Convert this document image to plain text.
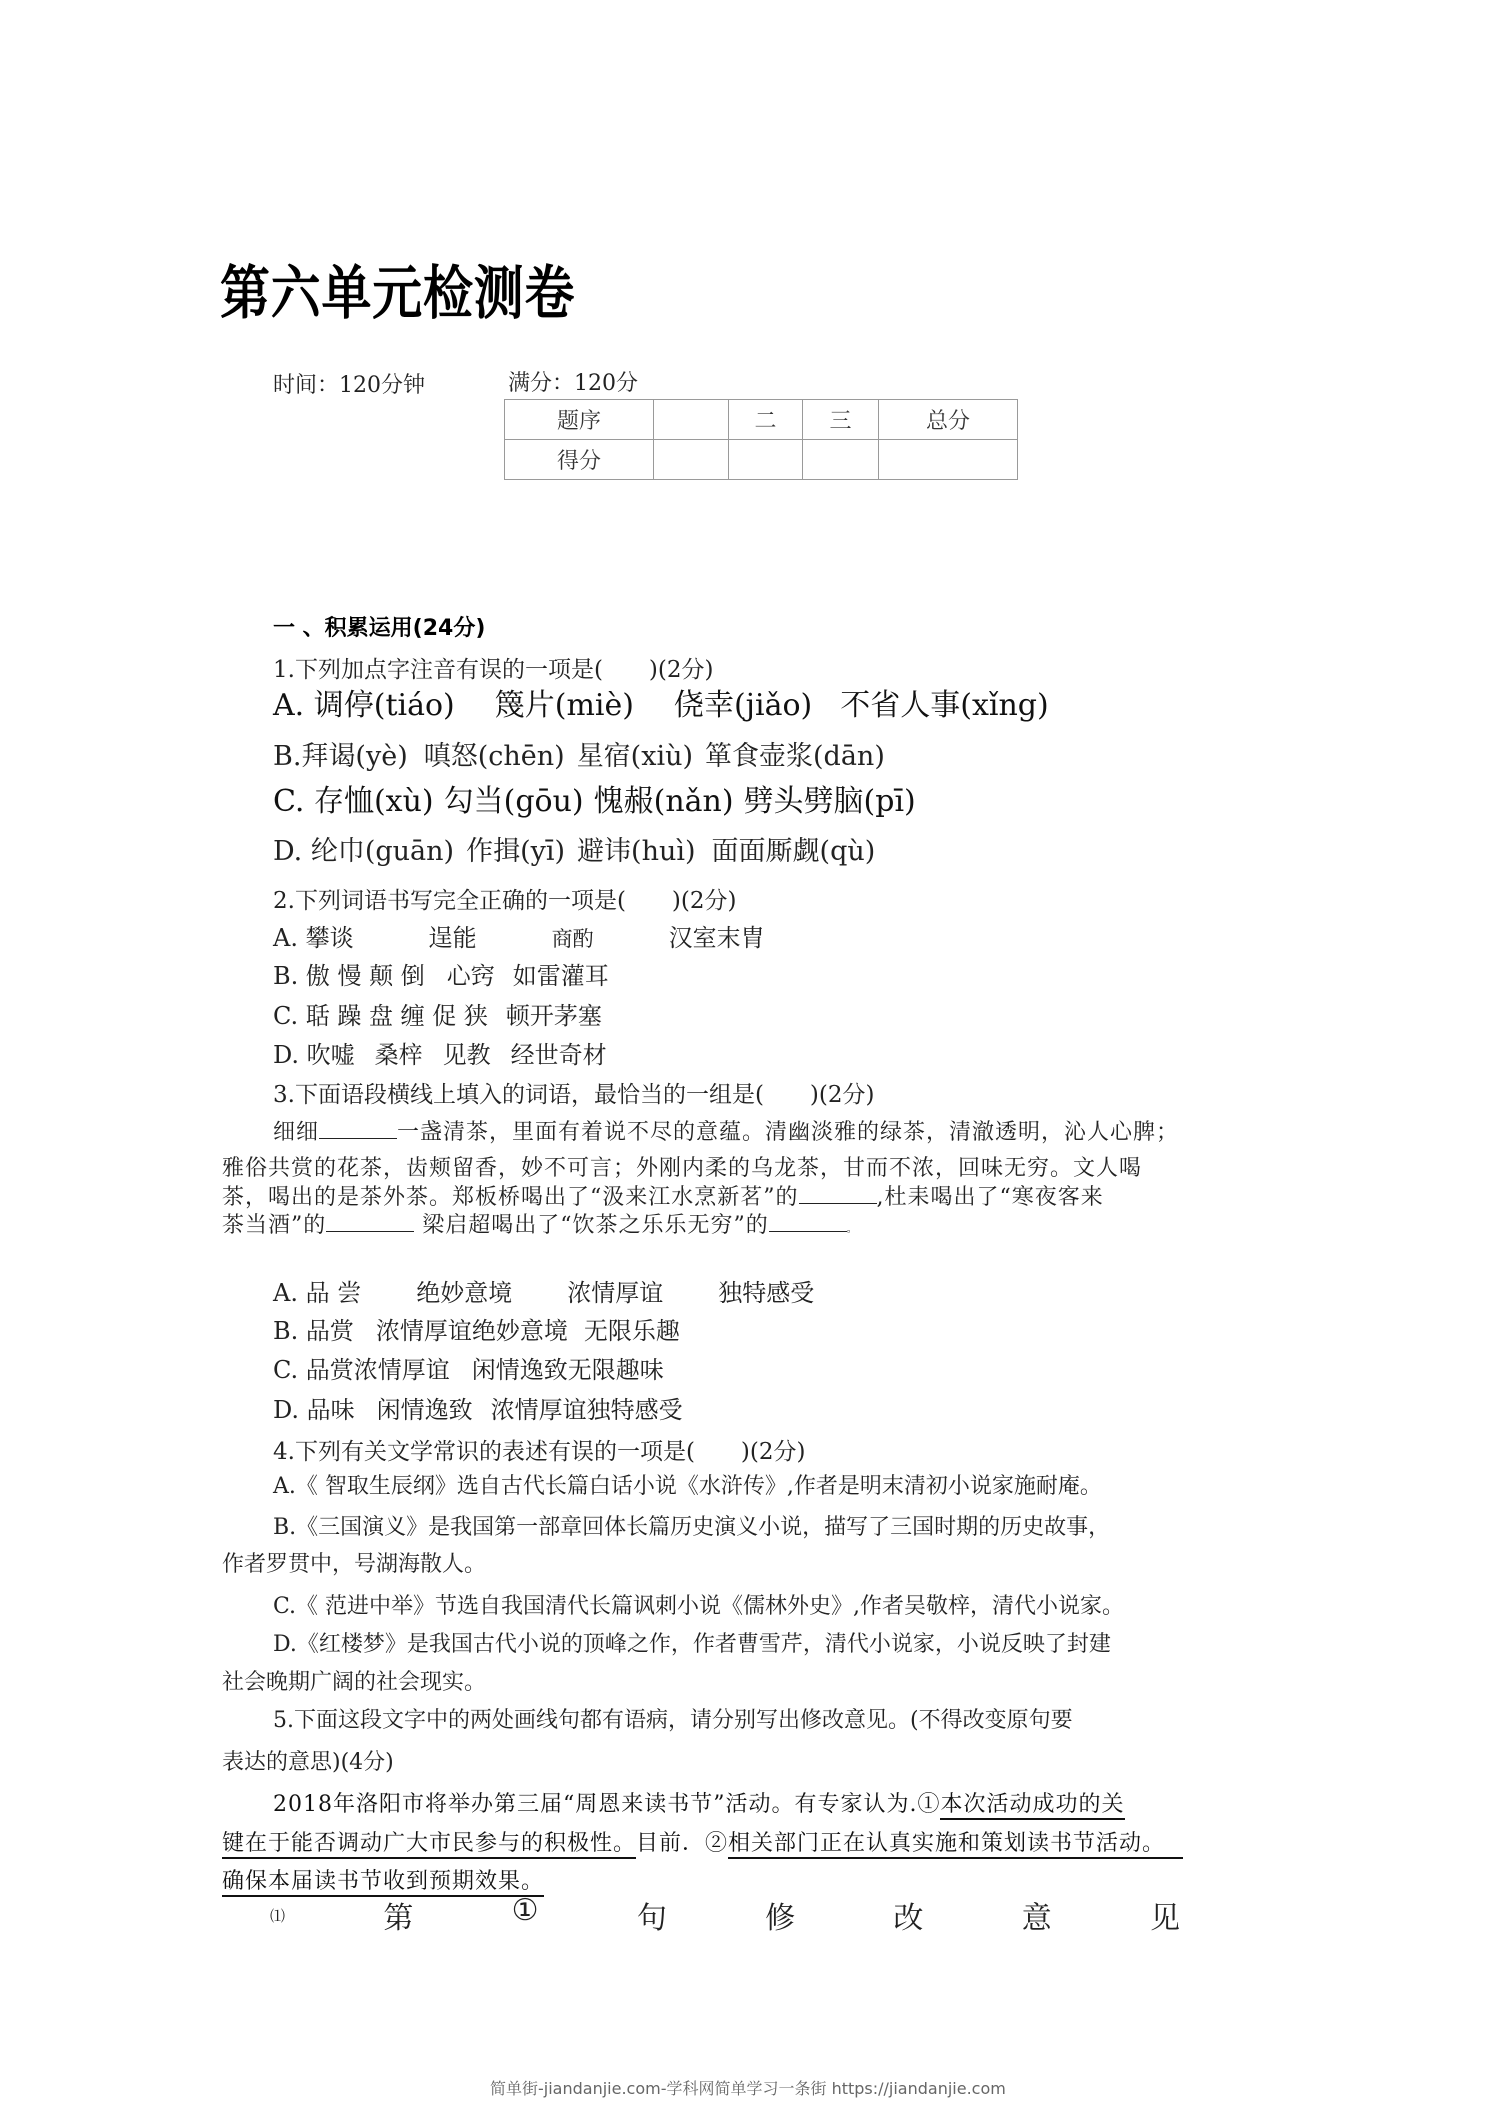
第六单元检测卷
时间：120分钟	满分：120分
题序		二	三	总分
得分				
一 、积累运用(24分)
1.下列加点字注音有误的一项是(　　)(2分)
A. 调停(tiáo) 篾片(miè) 侥幸(jiǎo) 不省人事(xǐng)
B.拜谒(yè) 嗔怒(chēn) 星宿(xiù) 箪食壶浆(dān)
C. 存恤(xù) 勾当(gōu) 愧赧(nǎn) 劈头劈脑(pī)
D. 纶巾(guān) 作揖(yī) 避讳(huì) 面面厮觑(qù)
2.下列词语书写完全正确的一项是(　　)(2分)
A. 攀谈	逞能	商酌	汉室末胄
B. 傲 慢 颠 倒 心窍 如雷灌耳
C. 聒 躁 盘 缠 促 狭 顿开茅塞
D. 吹嘘 桑梓 见教 经世奇材
3.下面语段横线上填入的词语，最恰当的一组是(　　)(2分)
细细	一盏清茶，里面有着说不尽的意蕴。清幽淡雅的绿茶，清澈透明，沁人心脾；
雅俗共赏的花茶，齿颊留香，妙不可言；外刚内柔的乌龙茶，甘而不浓，回味无穷。文人喝
茶，喝出的是茶外茶。郑板桥喝出了“汲来江水烹新茗”的	,杜耒喝出了“寒夜客来
茶当酒”的	梁启超喝出了“饮茶之乐乐无穷”的	。
A. 品 尝 绝妙意境 浓情厚谊 独特感受
B. 品赏 浓情厚谊绝妙意境 无限乐趣
C. 品赏浓情厚谊 闲情逸致无限趣味
D. 品味 闲情逸致 浓情厚谊独特感受
4.下列有关文学常识的表述有误的一项是(　　)(2分)
A.《 智取生辰纲》选自古代长篇白话小说《水浒传》,作者是明末清初小说家施耐庵。
B.《三国演义》是我国第一部章回体长篇历史演义小说，描写了三国时期的历史故事，
作者罗贯中，号湖海散人。
C.《 范进中举》节选自我国清代长篇讽刺小说《儒林外史》,作者吴敬梓，清代小说家。
D.《红楼梦》是我国古代小说的顶峰之作，作者曹雪芹，清代小说家，小说反映了封建
社会晚期广阔的社会现实。
5.下面这段文字中的两处画线句都有语病，请分别写出修改意见。(不得改变原句要
表达的意思)(4分)
2018年洛阳市将举办第三届“周恩来读书节”活动。有专家认为.①本次活动成功的关
键在于能否调动广大市民参与的积极性。目前．②相关部门正在认真实施和策划读书节活动。
确保本届读书节收到预期效果。
⑴	第	①	句	修	改	意	见
简单街-jiandanjie.com-学科网简单学习一条街 https://jiandanjie.com
